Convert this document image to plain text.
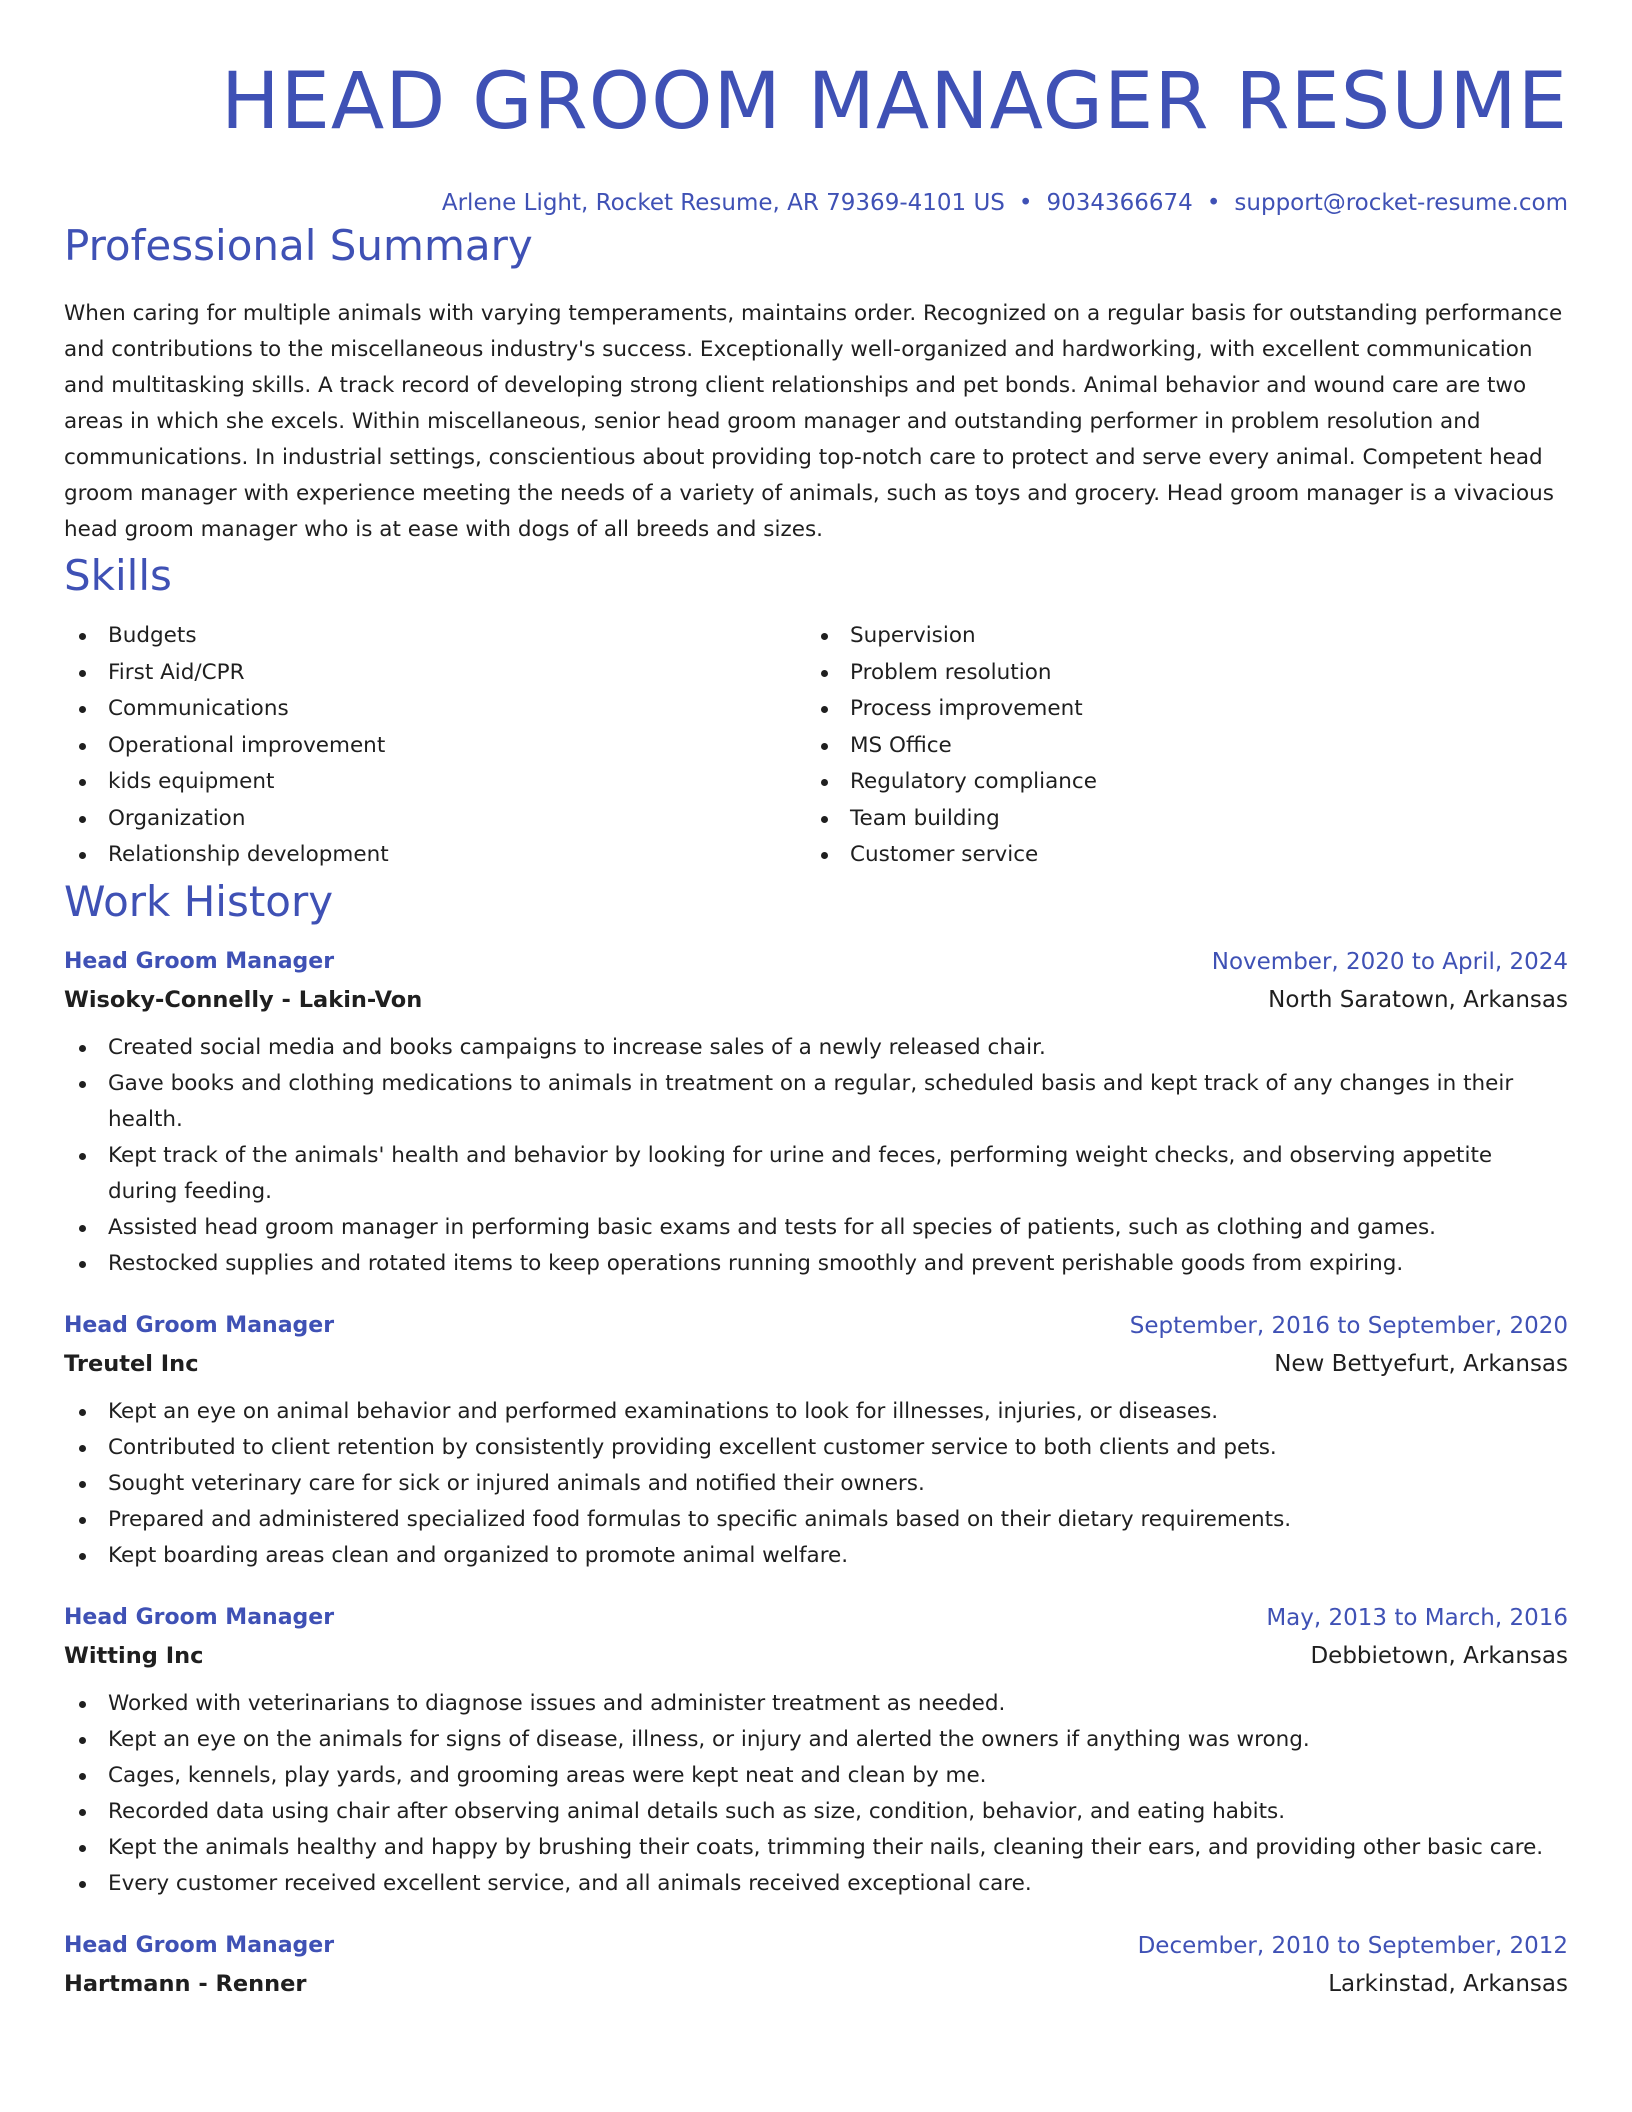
HEAD GROOM MANAGER RESUME
Arlene Light, Rocket Resume, AR 79369-4101 US • 9034366674 • support@rocket-resume.com
Professional Summary

When caring for multiple animals with varying temperaments, maintains order. Recognized on a regular basis for outstanding performance and contributions to the miscellaneous industry's success. Exceptionally well-organized and hardworking, with excellent communication and multitasking skills. A track record of developing strong client relationships and pet bonds. Animal behavior and wound care are two areas in which she excels. Within miscellaneous, senior head groom manager and outstanding performer in problem resolution and communications. In industrial settings, conscientious about providing top-notch care to protect and serve every animal. Competent head groom manager with experience meeting the needs of a variety of animals, such as toys and grocery. Head groom manager is a vivacious head groom manager who is at ease with dogs of all breeds and sizes.

Skills
Budgets
First Aid/CPR
Communications
Operational improvement
kids equipment
Organization
Relationship development
Supervision
Problem resolution
Process improvement
MS Office
Regulatory compliance
Team building
Customer service
Work History
Head Groom Manager	November, 2020 to April, 2024
Wisoky-Connelly - Lakin-Von	North Saratown, Arkansas
Created social media and books campaigns to increase sales of a newly released chair.
Gave books and clothing medications to animals in treatment on a regular, scheduled basis and kept track of any changes in their health.
Kept track of the animals' health and behavior by looking for urine and feces, performing weight checks, and observing appetite during feeding.
Assisted head groom manager in performing basic exams and tests for all species of patients, such as clothing and games.
Restocked supplies and rotated items to keep operations running smoothly and prevent perishable goods from expiring.
Head Groom Manager	September, 2016 to September, 2020
Treutel Inc	New Bettyefurt, Arkansas
Kept an eye on animal behavior and performed examinations to look for illnesses, injuries, or diseases.
Contributed to client retention by consistently providing excellent customer service to both clients and pets.
Sought veterinary care for sick or injured animals and notified their owners.
Prepared and administered specialized food formulas to specific animals based on their dietary requirements.
Kept boarding areas clean and organized to promote animal welfare.
Head Groom Manager	May, 2013 to March, 2016
Witting Inc	Debbietown, Arkansas
Worked with veterinarians to diagnose issues and administer treatment as needed.
Kept an eye on the animals for signs of disease, illness, or injury and alerted the owners if anything was wrong.
Cages, kennels, play yards, and grooming areas were kept neat and clean by me.
Recorded data using chair after observing animal details such as size, condition, behavior, and eating habits.
Kept the animals healthy and happy by brushing their coats, trimming their nails, cleaning their ears, and providing other basic care.
Every customer received excellent service, and all animals received exceptional care.
Head Groom Manager	December, 2010 to September, 2012
Hartmann - Renner	Larkinstad, Arkansas
